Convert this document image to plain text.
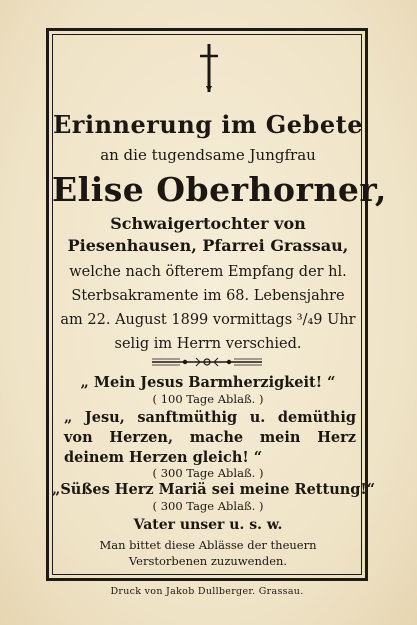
Erinnerung im Gebete
an die tugendsame Jungfrau
Elise Oberhorner,
Schwaigertochter von
Piesenhausen, Pfarrei Grassau,
welche nach öfterem Empfang der hl.
Sterbsakramente im 68. Lebensjahre
am 22. August 1899 vormittags ³/₄9 Uhr
selig im Herrn verschied.
„ Mein Jesus Barmherzigkeit! “
( 100 Tage Ablaß. )
„ Jesu, sanftmüthig u. demüthig von Herzen, mache mein Herz deinem Herzen gleich! “
( 300 Tage Ablaß. )
„Süßes Herz Mariä sei meine Rettung!“
( 300 Tage Ablaß. )
Vater unser u. s. w.
Man bittet diese Ablässe der theuern
Verstorbenen zuzuwenden.
Druck von Jakob Dullberger. Grassau.
